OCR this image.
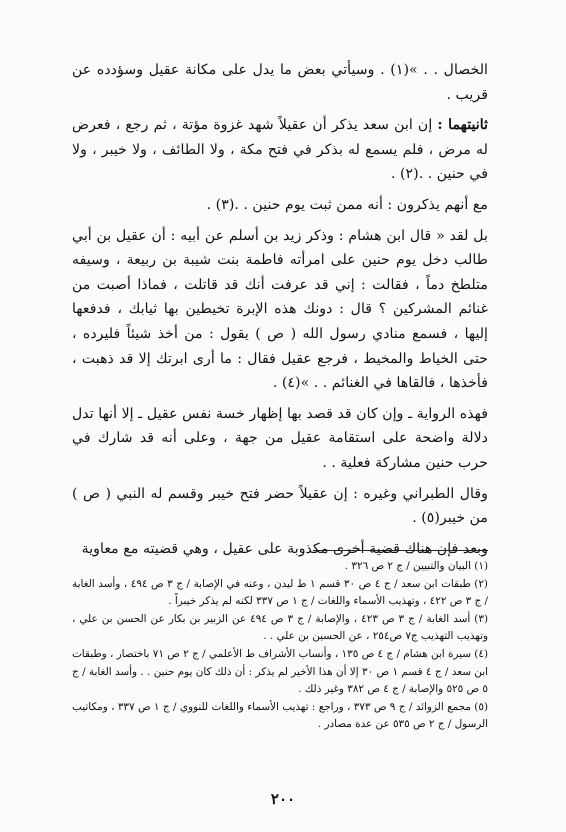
الخصال . . »(١) . وسيأتي بعض ما يدل على مكانة عقيل وسؤدده عن قريب .

ثانيتهما : إن ابن سعد يذكر أن عقيلاً شهد غزوة مؤتة ، ثم رجع ، فعرض له مرض ، فلم يسمع له بذكر في فتح مكة ، ولا الطائف ، ولا خيبر ، ولا في حنين . .(٢) .

مع أنهم يذكرون : أنه ممن ثبت يوم حنين . .(٣) .

بل لقد « قال ابن هشام : وذكر زيد بن أسلم عن أبيه : أن عقيل بن أبي طالب دخل يوم حنين على امرأته فاطمة بنت شيبة بن ربيعة ، وسيفه متلطخ دماً ، فقالت : إني قد عرفت أنك قد قاتلت ، فماذا أصبت من غنائم المشركين ؟ قال : دونك هذه الإبرة تخيطين بها ثيابك ، فدفعها إليها ، فسمع منادي رسول الله ( ص ) يقول : من أخذ شيئاً فليرده ، حتى الخياط والمخيط ، فرجع عقيل فقال : ما أرى ابرتك إلا قد ذهبت ، فأخذها ، فالقاها في الغنائم . . »(٤) .

فهذه الرواية ـ وإن كان قد قصد بها إظهار خسة نفس عقيل ـ إلا أنها تدل دلالة واضحة على استقامة عقيل من جهة ، وعلى أنه قد شارك في حرب حنين مشاركة فعلية . .

وقال الطبراني وغيره : إن عقيلاً حضر فتح خيبر وقسم له النبي ( ص ) من خيبر(٥) .

وبعد فإن هناك قضية أخرى مكذوبة على عقيل ، وهي قضيته مع معاوية

(١) البيان والتبيين / ج ٢ ص ٣٢٦ .
(٢) طبقات ابن سعد / ج ٤ ص ٣٠ قسم ١ ط ليدن ، وعنه في الإصابة / ج ٣ ص ٤٩٤ ، وأسد الغابة / ج ٣ ص ٤٢٢ ، وتهذيب الأسماء واللغات / ج ١ ص ٣٣٧ لكنه لم يذكر خيبراً .
(٣) أسد الغابة / ج ٣ ص ٤٢٣ ، والإصابة / ج ٣ ص ٤٩٤ عن الزبير بن بكار عن الحسن بن علي ، وتهذيب التهذيب ج٧ ص٢٥٤ ، عن الحسين بن علي . .
(٤) سيرة ابن هشام / ج ٤ ص ١٣٥ ، وأنساب الأشراف ط الأعلمي / ج ٢ ص ٧١ باختصار ، وطبقات ابن سعد / ج ٤ قسم ١ ص ٣٠ إلا أن هذا الأخير لم يذكر : أن ذلك كان يوم حنين . . وأسد الغابة / ج ٥ ص ٥٢٥ والإصابة / ج ٤ ص ٣٨٢ وغير ذلك .
(٥) مجمع الزوائد / ج ٩ ص ٣٧٣ ، وراجع : تهذيب الأسماء واللغات للنووي / ج ١ ص ٣٣٧ ، ومكاتيب الرسول / ج ٢ ص ٥٣٥ عن عدة مصادر .
٢٠٠
